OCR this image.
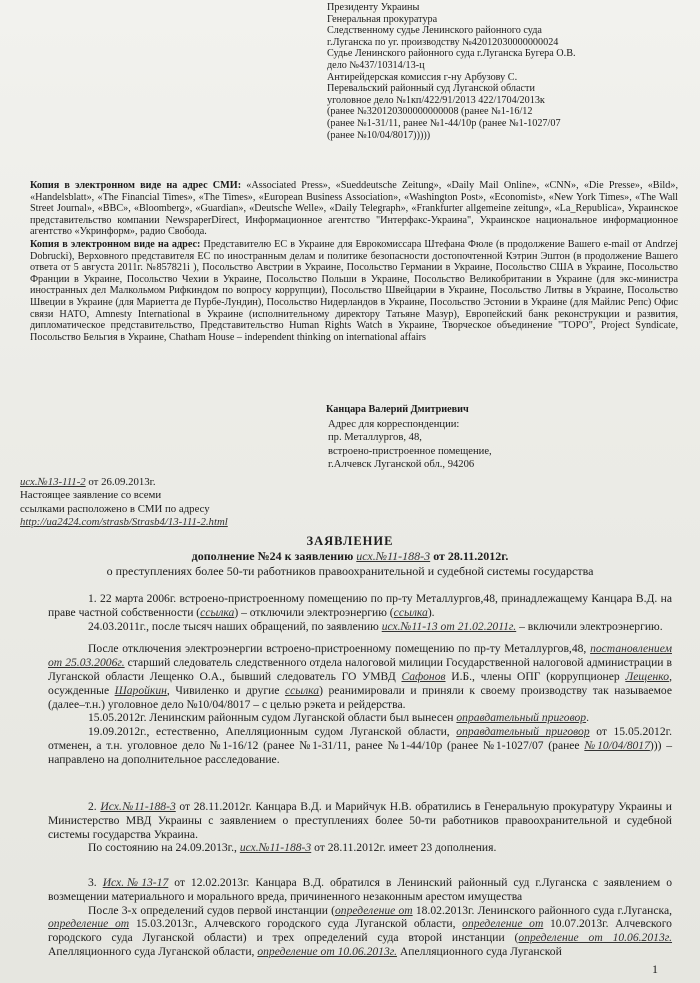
Президенту Украины
Генеральная прокуратура
Следственному судье Ленинского районного суда
г.Луганска по уг. производству №42012030000000024
Судье Ленинского районного суда г.Луганска Бугера О.В.
дело №437/10314/13-ц
Антирейдерская комиссия г-ну Арбузову С.
Перевальский районный суд Луганской области
уголовное дело №1кп/422/91/2013 422/1704/2013к
(ранее №320120300000000008 (ранее №1-16/12
(ранее №1-31/11, ранее №1-44/10р (ранее №1-1027/07
(ранее №10/04/8017)))))

Копия в электронном виде на адрес СМИ: «Associated Press», «Sueddeutsche Zeitung», «Daily Mail Online», «CNN», «Die Presse», «Bild», «Handelsblatt», «The Financial Times», «The Times», «European Business Association», «Washington Post», «Economist», «New York Times», «The Wall Street Journal», «BBC», «Bloomberg», «Guardian», «Deutsche Welle», «Daily Telegraph», «Frankfurter allgemeine zeitung», «La_Republica», Украинское представительство компании NewspaperDirect, Информационное агентство "Интерфакс-Украина", Украинское национальное информационное агентство «Укринформ», радио Свобода.

Копия в электронном виде на адрес: Представителю ЕС в Украине для Еврокомиссара Штефана Фюле (в продолжение Вашего e-mail от Andrzej Dobrucki), Верховного представителя ЕС по иностранным делам и политике безопасности достопочтенной Кэтрин Эштон (в продолжение Вашего ответа от 5 августа 2011г. №857821i ), Посольство Австрии в Украине, Посольство Германии в Украине, Посольство США в Украине, Посольство Франции в Украине, Посольство Чехии в Украине, Посольство Польши в Украине, Посольство Великобритании в Украине (для экс-министра иностранных дел Малкольмом Рифкиндом по вопросу коррупции), Посольство Швейцарии в Украине, Посольство Литвы в Украине, Посольство Швеции в Украине (для Мариетта де Пурбе-Лундин), Посольство Нидерландов в Украине, Посольство Эстонии в Украине (для Майлис Репс) Офис связи НАТО, Amnesty International в Украине (исполнительному директору Татьяне Мазур), Европейский банк реконструкции и развития, дипломатическое представительство, Представительство Human Rights Watch в Украине, Творческое объединение "ТОРО", Project Syndicate, Посольство Бельгия в Украине, Chatham House – independent thinking on international affairs

Канцара Валерий Дмитриевич
Адрес для корреспонденции:
пр. Металлургов, 48,
встроено-пристроенное помещение,
г.Алчевск Луганской обл., 94206
исх.№13-111-2 от 26.09.2013г.
Настоящее заявление со всеми
ссылками расположено в СМИ по адресу
http://ua2424.com/strasb/Strasb4/13-111-2.html
ЗАЯВЛЕНИЕ
дополнение №24 к заявлению исх.№11-188-3 от 28.11.2012г.
о преступлениях более 50-ти работников правоохранительной и судебной системы государства

1. 22 марта 2006г. встроено-пристроенному помещению по пр-ту Металлургов,48, принадлежащему Канцара В.Д. на праве частной собственности (ссылка) – отключили электроэнергию (ссылка).

24.03.2011г., после тысяч наших обращений, по заявлению исх.№11-13 от 21.02.2011г. – включили электроэнергию.

После отключения электроэнергии встроено-пристроенному помещению по пр-ту Металлургов,48, постановлением от 25.03.2006г. старший следователь следственного отдела налоговой милиции Государственной налоговой администрации в Луганской области Лещенко О.А., бывший следователь ГО УМВД Сафонов И.Б., члены ОПГ (коррупционер Лещенко, осужденные Шаройкин, Чивиленко и другие ссылка) реанимировали и приняли к своему производству так называемое (далее–т.н.) уголовное дело №10/04/8017 – с целью рэкета и рейдерства.

15.05.2012г. Ленинским районным судом Луганской области был вынесен оправдательный приговор.

19.09.2012г., естественно, Апелляционным судом Луганской области, оправдательный приговор от 15.05.2012г. отменен, а т.н. уголовное дело №1-16/12 (ранее №1-31/11, ранее №1-44/10р (ранее №1-1027/07 (ранее №10/04/8017))) – направлено на дополнительное расследование.

2. Исх.№11-188-3 от 28.11.2012г. Канцара В.Д. и Марийчук Н.В. обратились в Генеральную прокуратуру Украины и Министерство МВД Украины с заявлением о преступлениях более 50-ти работников правоохранительной и судебной системы государства Украина.

По состоянию на 24.09.2013г., исх.№11-188-3 от 28.11.2012г. имеет 23 дополнения.

3. Исх.№13-17 от 12.02.2013г. Канцара В.Д. обратился в Ленинский районный суд г.Луганска с заявлением о возмещении материального и морального вреда, причиненного незаконным арестом имущества

После 3-х определений судов первой инстанции (определение от 18.02.2013г. Ленинского районного суда г.Луганска, определение от 15.03.2013г., Алчевского городского суда Луганской области, определение от 10.07.2013г. Алчевского городского суда Луганской области) и трех определений суда второй инстанции (определение от 10.06.2013г. Апелляционного суда Луганской области, определение от 10.06.2013г. Апелляционного суда Луганской

1
